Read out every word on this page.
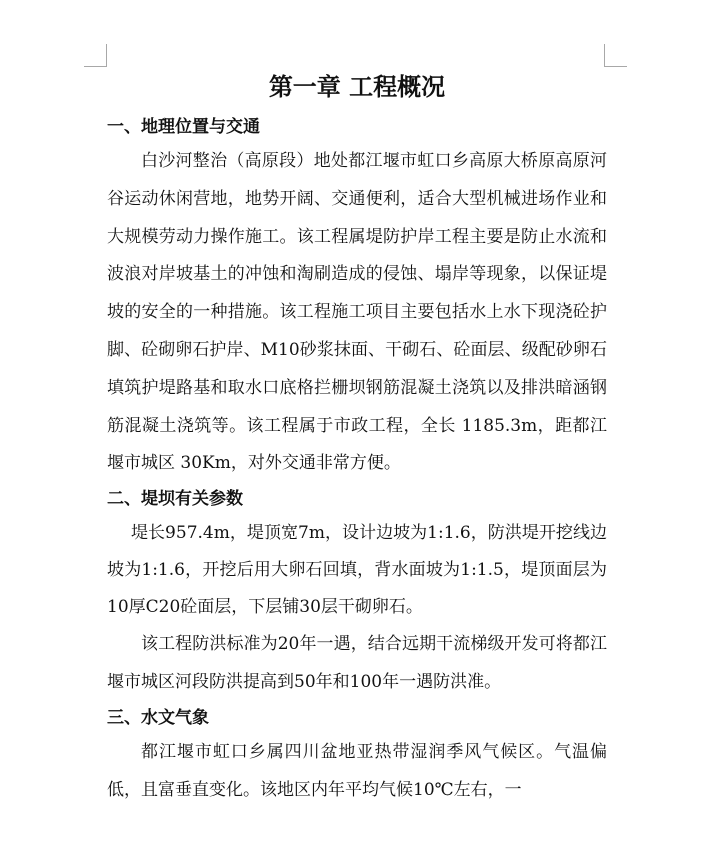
第一章 工程概况
一、地理位置与交通

白沙河整治（高原段）地处都江堰市虹口乡高原大桥原高原河谷运动休闲营地，地势开阔、交通便利，适合大型机械进场作业和大规模劳动力操作施工。该工程属堤防护岸工程主要是防止水流和波浪对岸坡基土的冲蚀和淘刷造成的侵蚀、塌岸等现象，以保证堤坡的安全的一种措施。该工程施工项目主要包括水上水下现浇砼护脚、砼砌卵石护岸、M10砂浆抹面、干砌石、砼面层、级配砂卵石填筑护堤路基和取水口底格拦栅坝钢筋混凝土浇筑以及排洪暗涵钢筋混凝土浇筑等。该工程属于市政工程，全长 1185.3m，距都江堰市城区 30Km，对外交通非常方便。

二、堤坝有关参数

堤长957.4m，堤顶宽7m，设计边坡为1:1.6，防洪堤开挖线边坡为1:1.6，开挖后用大卵石回填，背水面坡为1:1.5，堤顶面层为10厚C20砼面层，下层铺30层干砌卵石。

该工程防洪标准为20年一遇，结合远期干流梯级开发可将都江堰市城区河段防洪提高到50年和100年一遇防洪准。

三、水文气象

都江堰市虹口乡属四川盆地亚热带湿润季风气候区。气温偏低，且富垂直变化。该地区内年平均气候10℃左右，一
